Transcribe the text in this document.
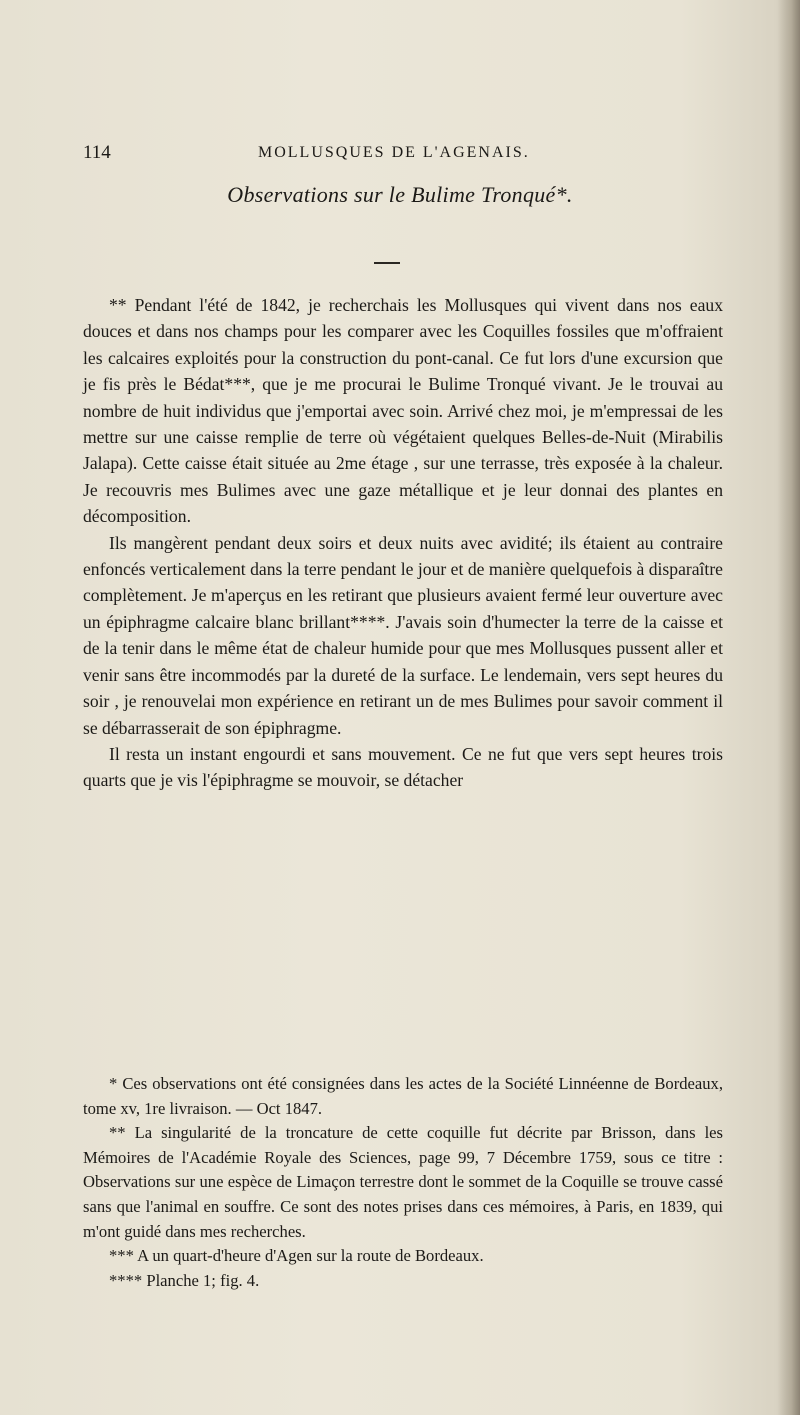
114	MOLLUSQUES DE L'AGENAIS.
Observations sur le Bulime Tronqué*.

** Pendant l'été de 1842, je recherchais les Mollusques qui vivent dans nos eaux douces et dans nos champs pour les comparer avec les Coquilles fossiles que m'offraient les calcaires exploités pour la construction du pont-canal. Ce fut lors d'une excursion que je fis près le Bédat***, que je me procurai le Bulime Tronqué vivant. Je le trouvai au nombre de huit individus que j'emportai avec soin. Arrivé chez moi, je m'empressai de les mettre sur une caisse remplie de terre où végétaient quelques Belles-de-Nuit (Mirabilis Jalapa). Cette caisse était située au 2me étage , sur une terrasse, très exposée à la chaleur. Je recouvris mes Bulimes avec une gaze métallique et je leur donnai des plantes en décomposition.

Ils mangèrent pendant deux soirs et deux nuits avec avidité; ils étaient au contraire enfoncés verticalement dans la terre pendant le jour et de manière quelquefois à disparaître complètement. Je m'aperçus en les retirant que plusieurs avaient fermé leur ouverture avec un épiphragme calcaire blanc brillant****. J'avais soin d'humecter la terre de la caisse et de la tenir dans le même état de chaleur humide pour que mes Mollusques pussent aller et venir sans être incommodés par la dureté de la surface. Le lendemain, vers sept heures du soir , je renouvelai mon expérience en retirant un de mes Bulimes pour savoir comment il se débarrasserait de son épiphragme.

Il resta un instant engourdi et sans mouvement. Ce ne fut que vers sept heures trois quarts que je vis l'épiphragme se mouvoir, se détacher

* Ces observations ont été consignées dans les actes de la Société Linnéenne de Bordeaux, tome xv, 1re livraison. — Oct 1847.

** La singularité de la troncature de cette coquille fut décrite par Brisson, dans les Mémoires de l'Académie Royale des Sciences, page 99, 7 Décembre 1759, sous ce titre : Observations sur une espèce de Limaçon terrestre dont le sommet de la Coquille se trouve cassé sans que l'animal en souffre. Ce sont des notes prises dans ces mémoires, à Paris, en 1839, qui m'ont guidé dans mes recherches.

*** A un quart-d'heure d'Agen sur la route de Bordeaux.

**** Planche 1; fig. 4.
